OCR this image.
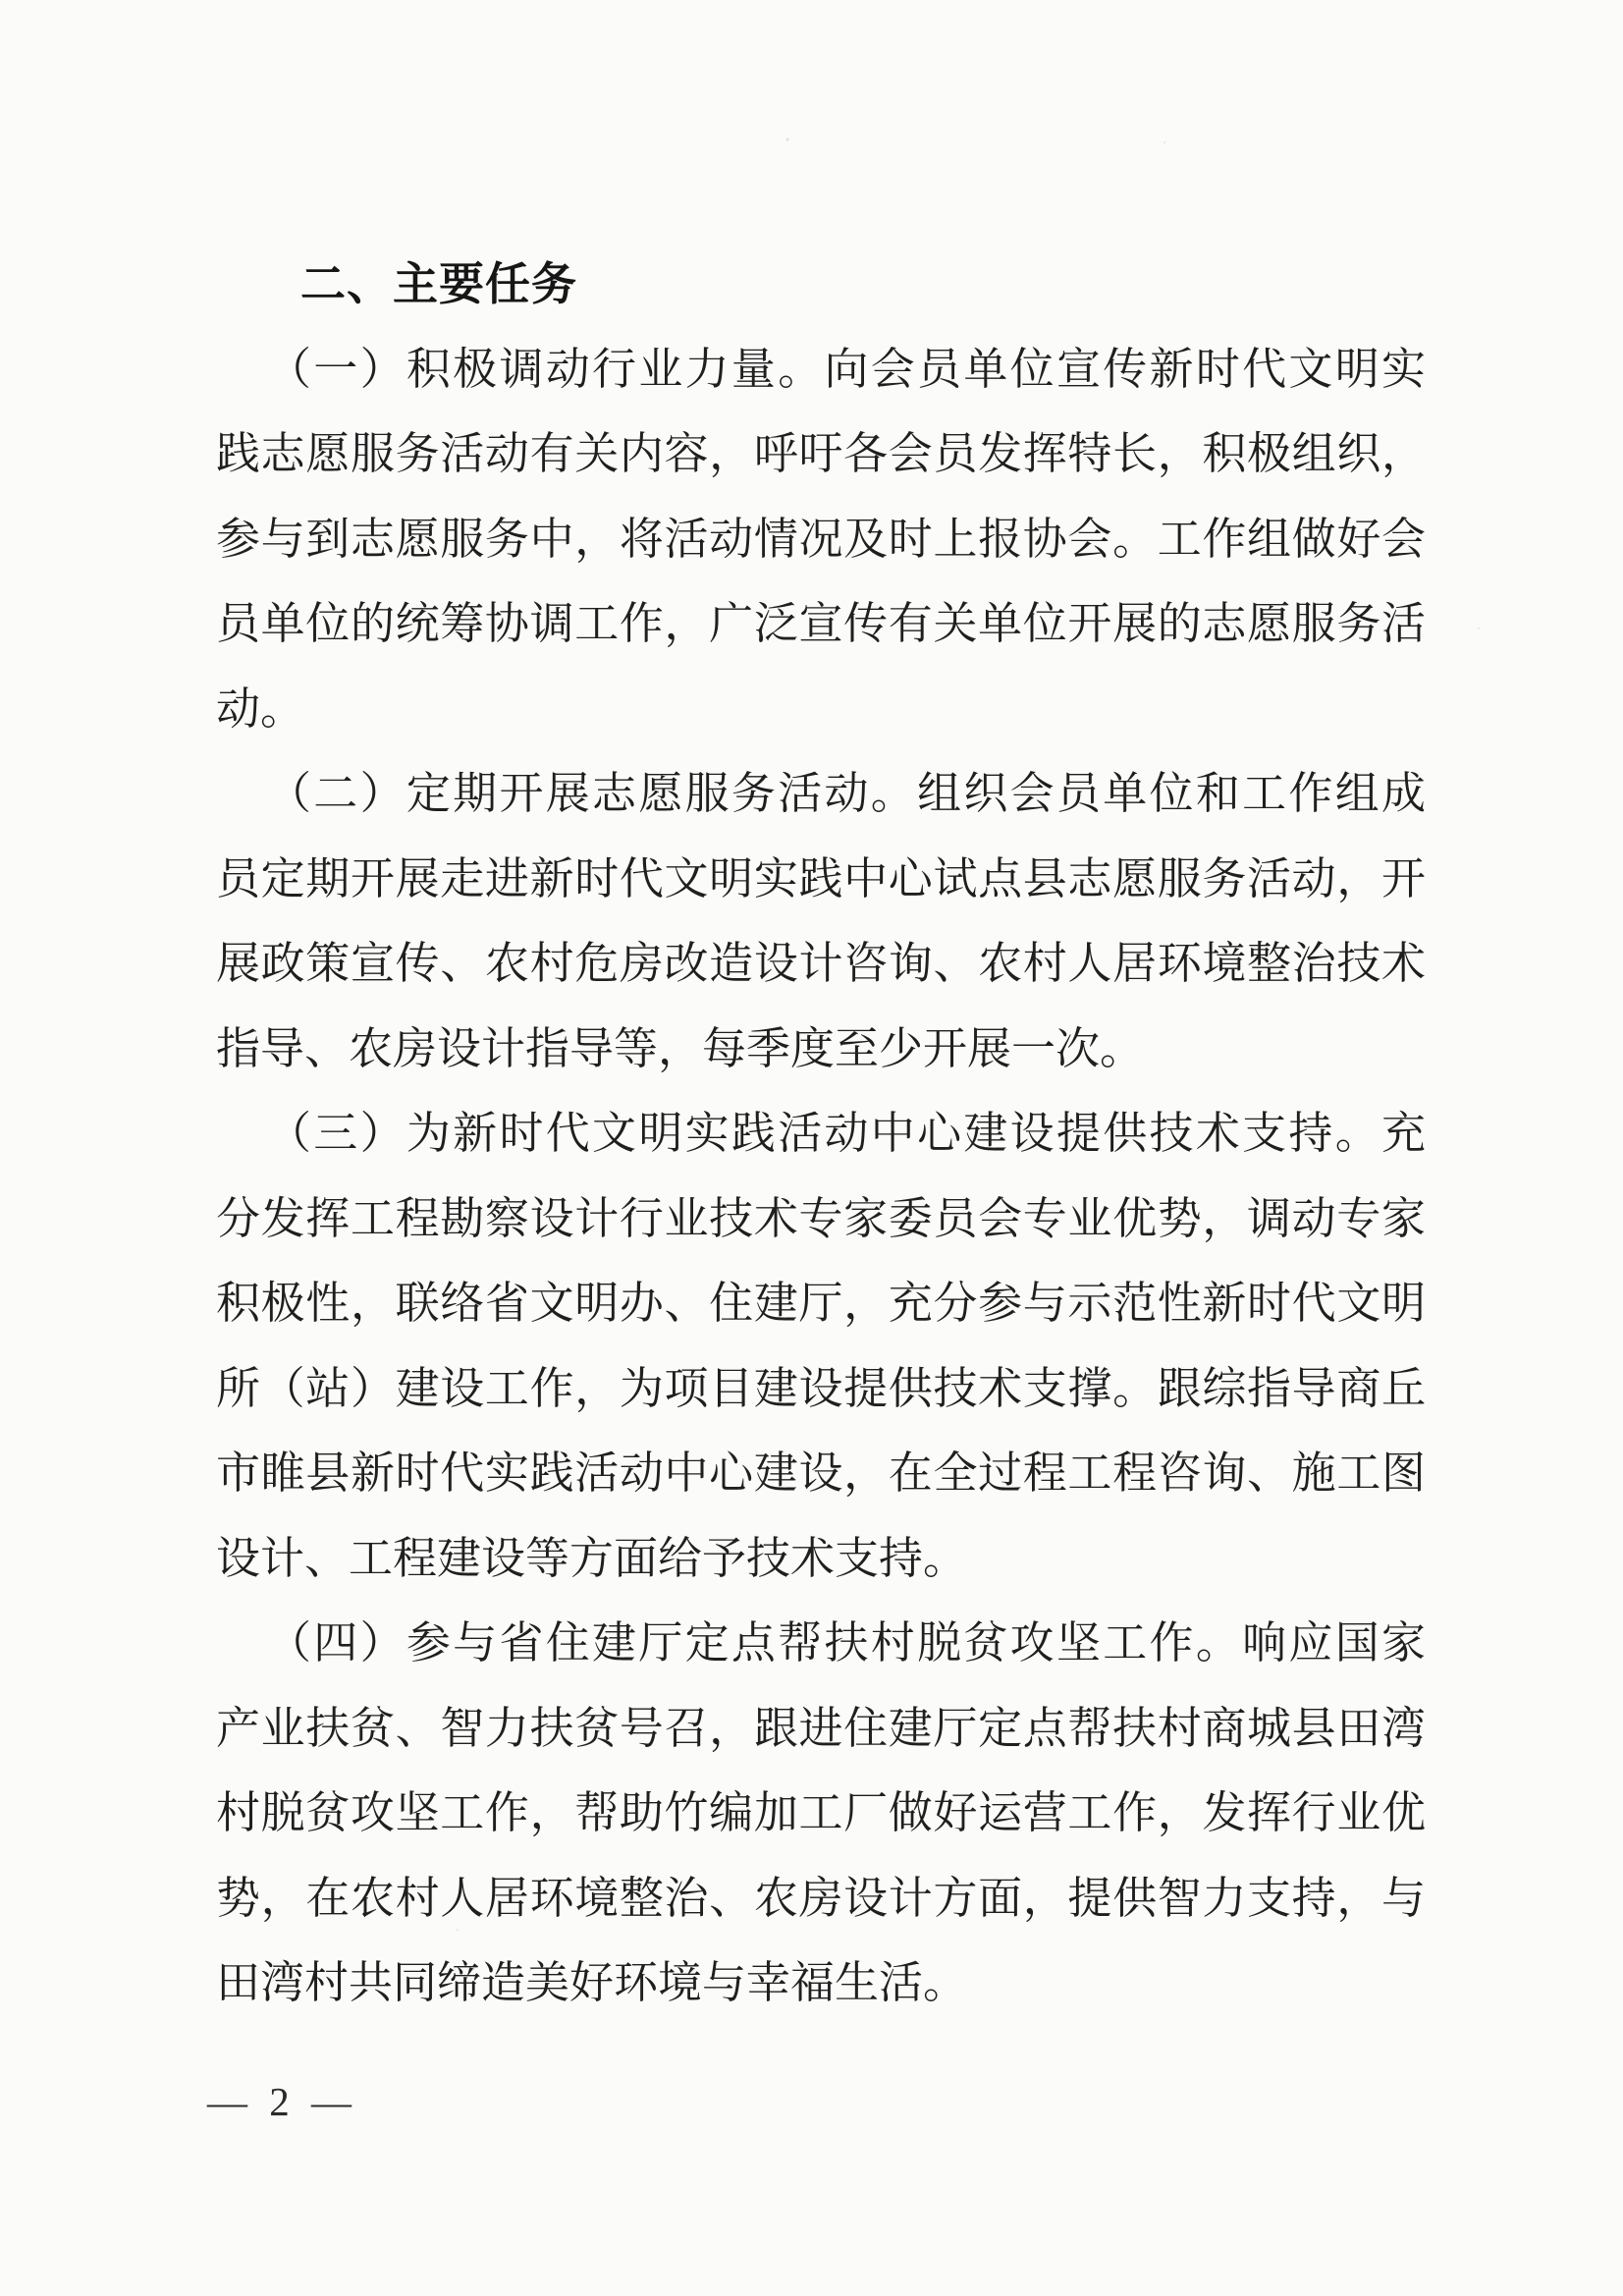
二、主要任务
（一）积极调动行业力量。向会员单位宣传新时代文明实
践志愿服务活动有关内容，呼吁各会员发挥特长，积极组织，
参与到志愿服务中，将活动情况及时上报协会。工作组做好会
员单位的统筹协调工作，广泛宣传有关单位开展的志愿服务活
动。
（二）定期开展志愿服务活动。组织会员单位和工作组成
员定期开展走进新时代文明实践中心试点县志愿服务活动，开
展政策宣传、农村危房改造设计咨询、农村人居环境整治技术
指导、农房设计指导等，每季度至少开展一次。
（三）为新时代文明实践活动中心建设提供技术支持。充
分发挥工程勘察设计行业技术专家委员会专业优势，调动专家
积极性，联络省文明办、住建厅，充分参与示范性新时代文明
所（站）建设工作，为项目建设提供技术支撑。跟综指导商丘
市睢县新时代实践活动中心建设，在全过程工程咨询、施工图
设计、工程建设等方面给予技术支持。
（四）参与省住建厅定点帮扶村脱贫攻坚工作。响应国家
产业扶贫、智力扶贫号召，跟进住建厅定点帮扶村商城县田湾
村脱贫攻坚工作，帮助竹编加工厂做好运营工作，发挥行业优
势，在农村人居环境整治、农房设计方面，提供智力支持，与
田湾村共同缔造美好环境与幸福生活。
— 2 —
